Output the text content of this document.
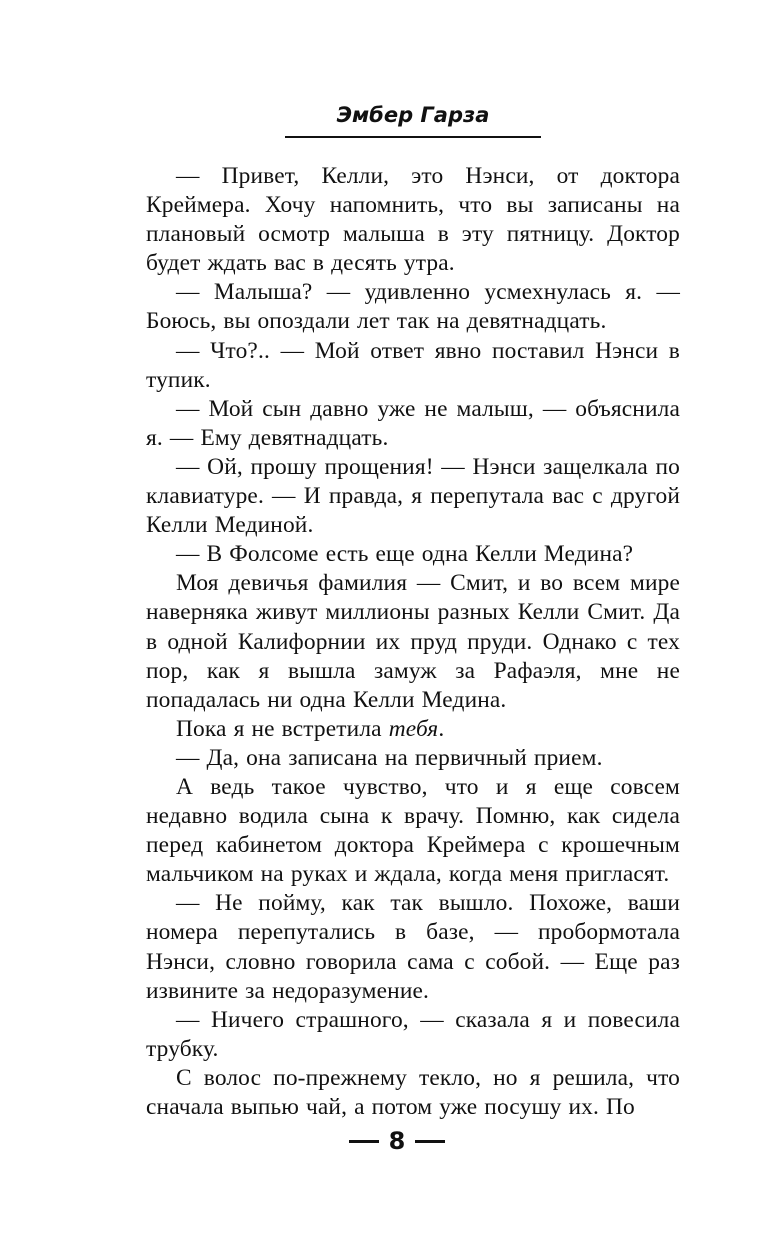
Эмбер Гарза

— Привет, Келли, это Нэнси, от доктора Креймера. Хочу напомнить, что вы записаны на плановый осмотр малыша в эту пятницу. Доктор будет ждать вас в десять утра.

— Малыша? — удивленно усмехнулась я. — Боюсь, вы опоздали лет так на девятнадцать.

— Что?.. — Мой ответ явно поставил Нэнси в тупик.

— Мой сын давно уже не малыш, — объяснила я. — Ему девятнадцать.

— Ой, прошу прощения! — Нэнси защелкала по клавиатуре. — И правда, я перепутала вас с другой Келли Мединой.

— В Фолсоме есть еще одна Келли Медина?

Моя девичья фамилия — Смит, и во всем мире наверняка живут миллионы разных Келли Смит. Да в одной Калифорнии их пруд пруди. Однако с тех пор, как я вышла замуж за Рафаэля, мне не попадалась ни одна Келли Медина.

Пока я не встретила тебя.

— Да, она записана на первичный прием.

А ведь такое чувство, что и я еще совсем недавно водила сына к врачу. Помню, как сидела перед кабинетом доктора Креймера с крошечным мальчиком на руках и ждала, когда меня пригласят.

— Не пойму, как так вышло. Похоже, ваши номера перепутались в базе, — пробормотала Нэнси, словно говорила сама с собой. — Еще раз извините за недоразумение.

— Ничего страшного, — сказала я и повесила трубку.

С волос по-прежнему текло, но я решила, что сначала выпью чай, а потом уже посушу их. По

8
